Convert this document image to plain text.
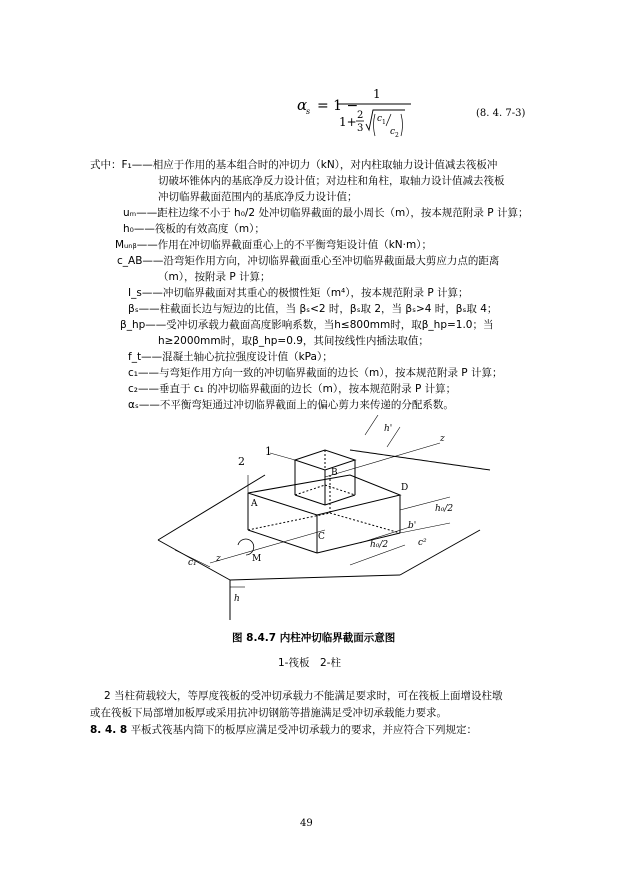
α
s = 1 −
1
1+ 2
3
c 1
c 2
(8. 4. 7-3)
式中：F₁——相应于作用的基本组合时的冲切力（kN），对内柱取轴力设计值减去筏板冲
切破坏锥体内的基底净反力设计值；对边柱和角柱，取轴力设计值减去筏板
冲切临界截面范围内的基底净反力设计值；
uₘ——距柱边缘不小于 h₀/2 处冲切临界截面的最小周长（m），按本规范附录 P 计算；
h₀——筏板的有效高度（m）；
Mᵤₙᵦ——作用在冲切临界截面重心上的不平衡弯矩设计值（kN·m）；
c_AB——沿弯矩作用方向，冲切临界截面重心至冲切临界截面最大剪应力点的距离
（m），按附录 P 计算；
I_s——冲切临界截面对其重心的极惯性矩（m⁴），按本规范附录 P 计算；
βₛ——柱截面长边与短边的比值，当 βₛ<2 时，βₛ取 2，当 βₛ>4 时，βₛ取 4；
β_hp——受冲切承载力截面高度影响系数，当h≤800mm时，取β_hp=1.0；当
h≥2000mm时，取β_hp=0.9，其间按线性内插法取值；
f_t——混凝土轴心抗拉强度设计值（kPa）；
c₁——与弯矩作用方向一致的冲切临界截面的边长（m），按本规范附录 P 计算；
c₂——垂直于 c₁ 的冲切临界截面的边长（m），按本规范附录 P 计算；
αₛ——不平衡弯矩通过冲切临界截面上的偏心剪力来传递的分配系数。
1
2
A
B
C
D
M
z
z
h
c₁
c²
h₀/2
h₀/2
b'
h'
图 8.4.7 内柱冲切临界截面示意图
1-筏板　2-柱
2 当柱荷载较大，等厚度筏板的受冲切承载力不能满足要求时，可在筏板上面增设柱墩
或在筏板下局部增加板厚或采用抗冲切钢筋等措施满足受冲切承载能力要求。
8. 4. 8 平板式筏基内筒下的板厚应满足受冲切承载力的要求，并应符合下列规定：
49
